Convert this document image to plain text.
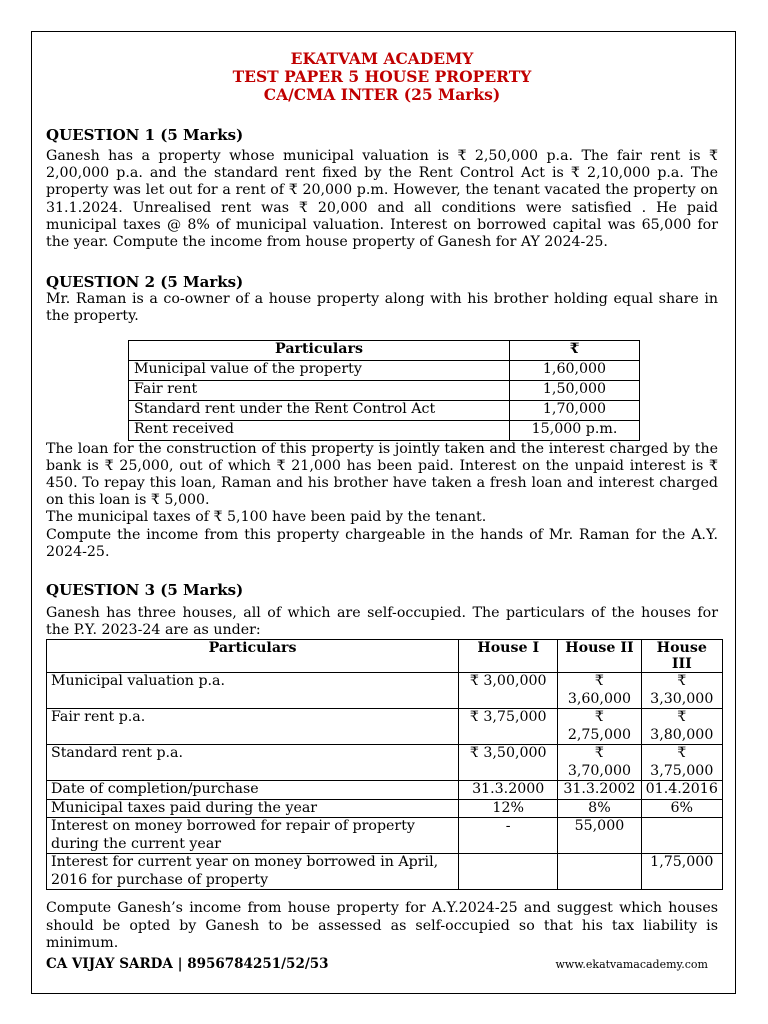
EKATVAM ACADEMY
TEST PAPER 5 HOUSE PROPERTY
CA/CMA INTER (25 Marks)
QUESTION 1 (5 Marks)

Ganesh has a property whose municipal valuation is ₹ 2,50,000 p.a. The fair rent is ₹ 2,00,000 p.a. and the standard rent fixed by the Rent Control Act is ₹ 2,10,000 p.a. The property was let out for a rent of ₹ 20,000 p.m. However, the tenant vacated the property on 31.1.2024. Unrealised rent was ₹ 20,000 and all conditions were satisfied . He paid municipal taxes @ 8% of municipal valuation. Interest on borrowed capital was 65,000 for the year. Compute the income from house property of Ganesh for AY 2024-25.

QUESTION 2 (5 Marks)

Mr. Raman is a co-owner of a house property along with his brother holding equal share in the property.

Particulars	₹
Municipal value of the property	1,60,000
Fair rent	1,50,000
Standard rent under the Rent Control Act	1,70,000
Rent received	15,000 p.m.

The loan for the construction of this property is jointly taken and the interest charged by the bank is ₹ 25,000, out of which ₹ 21,000 has been paid. Interest on the unpaid interest is ₹ 450. To repay this loan, Raman and his brother have taken a fresh loan and interest charged on this loan is ₹ 5,000.

The municipal taxes of ₹ 5,100 have been paid by the tenant.

Compute the income from this property chargeable in the hands of Mr. Raman for the A.Y. 2024-25.

QUESTION 3 (5 Marks)

Ganesh has three houses, all of which are self-occupied. The particulars of the houses for the P.Y. 2023-24 are as under:

Particulars	House I	House II	House III
Municipal valuation p.a.	₹ 3,00,000	₹ 3,60,000	₹ 3,30,000
Fair rent p.a.	₹ 3,75,000	₹ 2,75,000	₹ 3,80,000
Standard rent p.a.	₹ 3,50,000	₹ 3,70,000	₹ 3,75,000
Date of completion/purchase	31.3.2000	31.3.2002	01.4.2016
Municipal taxes paid during the year	12%	8%	6%
Interest on money borrowed for repair of property during the current year	-	55,000	
Interest for current year on money borrowed in April, 2016 for purchase of property			1,75,000

Compute Ganesh’s income from house property for A.Y.2024-25 and suggest which houses should be opted by Ganesh to be assessed as self-occupied so that his tax liability is minimum.

CA VIJAY SARDA | 8956784251/52/53	www.ekatvamacademy.com
